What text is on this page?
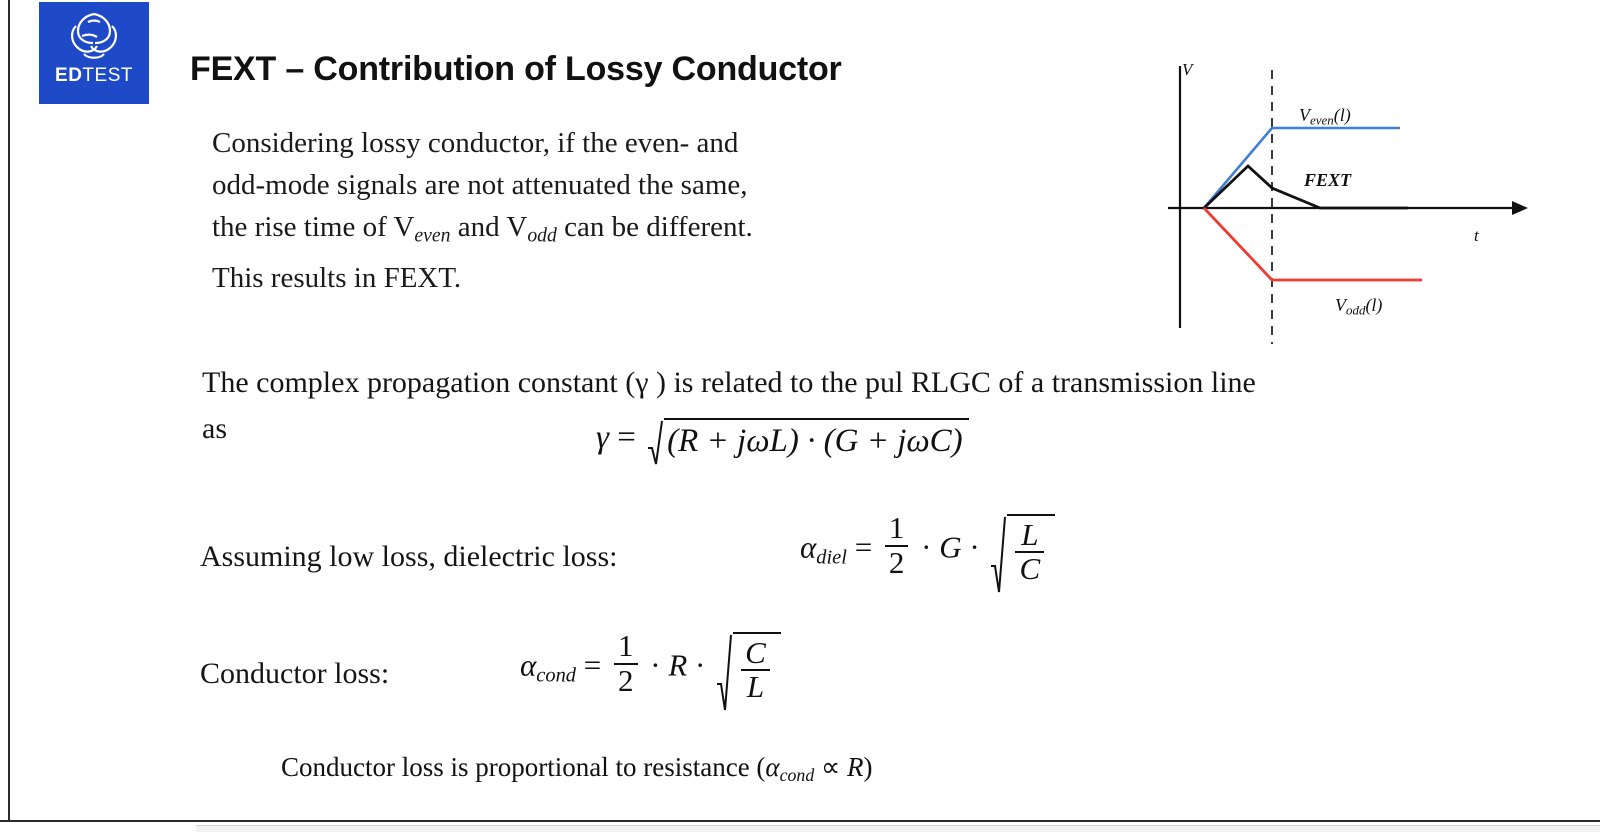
EDTEST FEXT – Contribution of Lossy Conductor
Considering lossy conductor, if the even- and
odd-mode signals are not attenuated the same,
the rise time of $V_{even}$ and $V_{odd}$ can be different.
This results in FEXT.
V
t
$V_{even}(l)$
$V_{odd}(l)$
FEXT
The complex propagation constant (γ ) is related to the pul RLGC of a transmission line as	γ = (R + jωL) · (G + jωC)
Assuming low loss, dielectric loss:	$\alpha_{diel} = \frac{1}{2} \cdot G \cdot \frac{L}{C}$
Conductor loss:	$\alpha_{cond} = \frac{1}{2} \cdot R \cdot \frac{C}{L}$
Conductor loss is proportional to resistance $(\alpha_{cond} \propto R)$
